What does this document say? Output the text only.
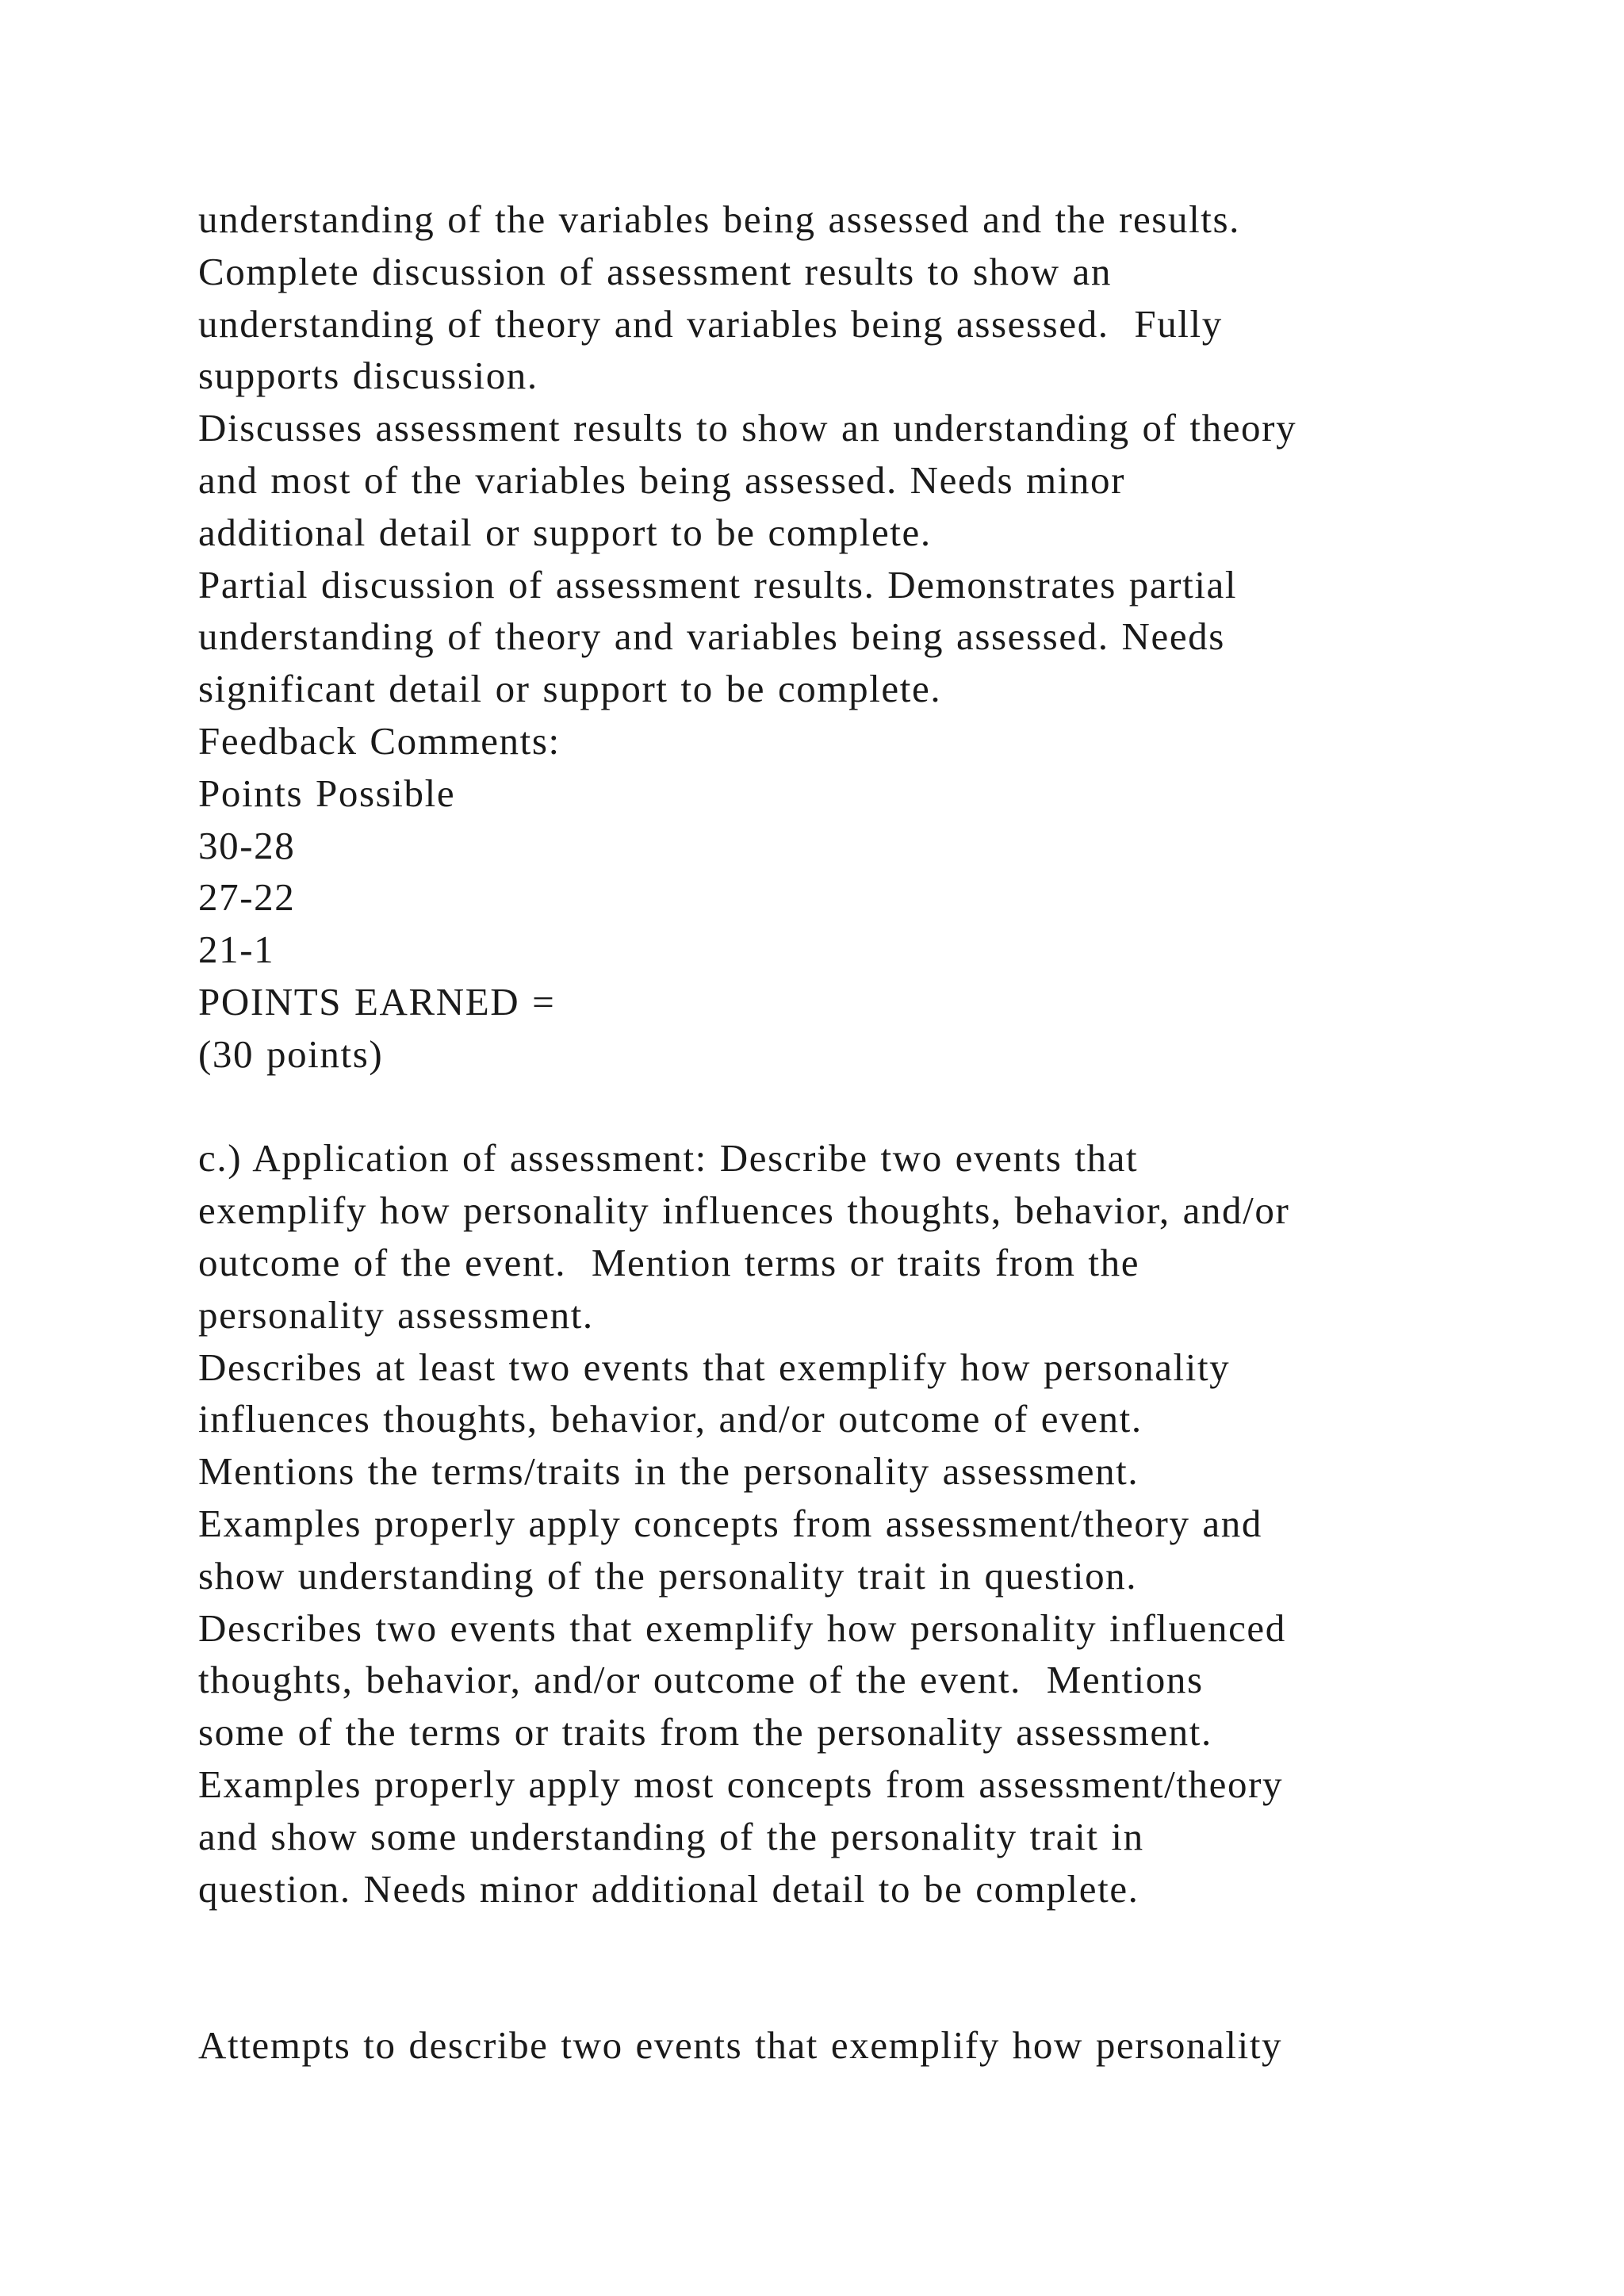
understanding of the variables being assessed and the results.
Complete discussion of assessment results to show an
understanding of theory and variables being assessed.  Fully
supports discussion.
Discusses assessment results to show an understanding of theory
and most of the variables being assessed. Needs minor
additional detail or support to be complete.
Partial discussion of assessment results. Demonstrates partial
understanding of theory and variables being assessed. Needs
significant detail or support to be complete.
Feedback Comments:
Points Possible
30-28
27-22
21-1
POINTS EARNED =
(30 points)
c.) Application of assessment: Describe two events that
exemplify how personality influences thoughts, behavior, and/or
outcome of the event.  Mention terms or traits from the
personality assessment.
Describes at least two events that exemplify how personality
influences thoughts, behavior, and/or outcome of event.
Mentions the terms/traits in the personality assessment.
Examples properly apply concepts from assessment/theory and
show understanding of the personality trait in question.
Describes two events that exemplify how personality influenced
thoughts, behavior, and/or outcome of the event.  Mentions
some of the terms or traits from the personality assessment.
Examples properly apply most concepts from assessment/theory
and show some understanding of the personality trait in
question. Needs minor additional detail to be complete.
Attempts to describe two events that exemplify how personality
